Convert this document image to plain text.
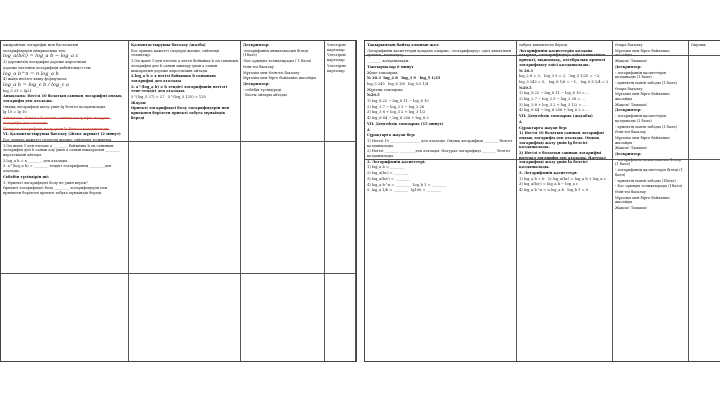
ажырайтын логарифмі мен басталатын

логарифмдерін айырмасына тең:

log_a(b/c) = log_a b − log_a c

3) дәрежелің логарифмі дәреже көрсеткіші

дәреже негізінің логарифмін көбейтіндісі тең:

log_a b^n = n log_a b

4) жаңа негізге көшу формуласы:

log_a b = log_c b / log_c a

log_3 21 = lg21

Анықтама: Негізі 10 болатын санның логарифмі ондық логарифм деп аталады.

Ондық логарифмді жазу үшін lg белгісі қолданылады.

lg 10 = lg 10

Анықтама: Негізі e болатын санның логарифмі натурал логарифм деп аталады.

Натурал логарифмді жазу үшін ln белгісі қолданылады.

VI. Қалыптастырушы бағалау (Жеке жұмыс) (2 минут)

Бос орынға қажетті сөздерді жазып, сөйлемді толықтыр.

1.Оң және 1-ден өзгеше a ________ бойынша b оң санының логарифмі деп b санын алу үшін a санын шығаратын ________ көрсеткішін айтады.

2.log_a b = x ________ деп аталады.

3. a^(log_a b) = ________ теңдігі логарифмнің ________ деп аталады.

Себебін түсіндірін ші:

1. Өрнекті логарифмдеі болу не үшін керек?

Өрнекті логарифмдеі болу ________ логарифмдерін пен өрнекпен берілген өрнекті табуға мүмкіндік береді.

Қалыптастырушы бағалау (жазба)

Бос орынға қажетті сөздерді жазып, сөйлемді толықтыр.

1.Оң және 1-ден өзгеше a негізі бойынша b оң санының логарифмі деп b санын шығару үшін a санын шығаратын дәреже көрсеткішін айтады

2.log_a b = x негізі бойынша b санының логарифмі деп аталады

3. a^(log_a b) = b теңдігі логарифмнің негізгі тепе-теңдігі деп аталады.

5^(log_5 27) = 27   5^(log_5 125) = 125

Жауап:

Өрнекті логарифмдеі болу логарифмдерін пен өрнекпен берілген өрнекті табуға мүмкіндік береді

Дескриптор:

-логарифмнің анықтамасын біледі (1балл)

-Бос орынды толықтырады ( 1 балл)

Өзін-өзі бағалау

Мұғалім мен Өзін-өзі бағалау

Мұғалім мен бірге байланыс жасайды

Дескриптор:

- себебін түсіндіреді

- басты ойлары айтады

Үлестірме карталар

Үлестірме карталар

Үлестірме карталар

Тақырыптың байты алынып жаз:

Логарифмнің қасиеттерін қолдана отырып, «логарифмдеу» әдісі көмегімен өрнекті, ықшамдау.

________ колданылады.

Тапсырмалар 6 минут

Жеке тапсырма:

№ 20.3  log_2 8   log_3 9   log_5 1/25

log_3 243   log_6 1/6   log_0.5 1/4

Жұптық тапсырма:

№20.5

1) log_8 22 − log_8 11 − log_8 10

2) log_2 7 − log_2 3 − log_2 28

3) log_3 8 + log_3 2 + log_3 1/2

4) log_6 64 − log_6 256 + log_6 2

VII. Деңгейлік тапсырма (15 минут)

A

Сұрақтарға жауап бер:

1) Негізі 10 ________ ________ деп аталады. Ондық логарифмді ________ белгісі қолданылады.

2) Негізі ________ ________ деп аталады. Натурал логарифмді ________ белгісі қолданылады.

3. Логарифмнің қасиеттері:

1) log_a b = ________

2) log_a(bc) = ________

3) log_a(b/c) = ________

4) log_a b^n = ________   log_b 1 = ________

5. log_a 1/b = ________   lg100 = ________

табуға көмектесіп береді.

Логарифмнің қасиеттерін қолдана отырып, «логарифмдеу» әдісі көмегімен өрнекті, ықшамдау, алгебралық өрнекті логарифмдеу әдісі қолданылады.

№ 20.3

log_2 8 = 3,   log_3 9 = 2,   log_5 1/25 = −2,

log_3 243 = 5,   log_6 1/6 = −1,   log_0.5 1/4 = 2

№20.5

1) log_8 22 − log_8 11 − log_8 10 = ...

2) log_2 7 − log_2 3 − log_2 28 = ...

3) log_3 8 + log_3 2 + log_3 1/2 = ...

4) log_6 64 − log_6 256 + log_6 2 = ...

VII. Деңгейлік тапсырма (жауабы)

A

Сұрақтарға жауап бер:

1) Негізі 10 болатын санның логарифмі ондық логарифм деп аталады. Ондық логарифмді жазу үшін lg белгісі қолданылады.

2) Негізі e болатын санның логарифмі натурал логарифм деп аталады. Натурал логарифмді жазу үшін ln белгісі қолданылады.

3. Логарифмнің қасиеттері:

1) log_a b = b   2) log_a(bc) = log_a b + log_a c

3) log_a(b/c) = log_a b − log_a c

4) log_a b^n = n log_a b   log_b 1 = 0

Өзара бағалау

Мұғалім мен бірге байланыс жасайды

Жақсы! Тамаша!

Дескриптор:

- логарифмнің қасиеттерін қолданады (1 балл)

- өрнектің мәнін табады (1 балл)

Өзара бағалау

Мұғалім мен бірге байланыс жасайды

Жақсы! Тамаша!

Дескриптор:

- логарифмнің қасиеттерін қолданады (1 балл)

- өрнектің мәнін табады (1 балл)

Өзін-өзі бағалау

Мұғалім мен бірге байланыс жасайды

Жақсы! Тамаша!

Дескриптор:

- логарифмнің анықтамасын біледі (1 балл)

- логарифмнің қасиеттерін біледі (1 балл)

- өрнектің мәнін табады (1балл)

- Бос орынды толықтырады (1балл)

Өзін-өзі бағалау

Мұғалім мен бірге байланыс жасайды

Жақсы! Тамаша!

Оқулық
